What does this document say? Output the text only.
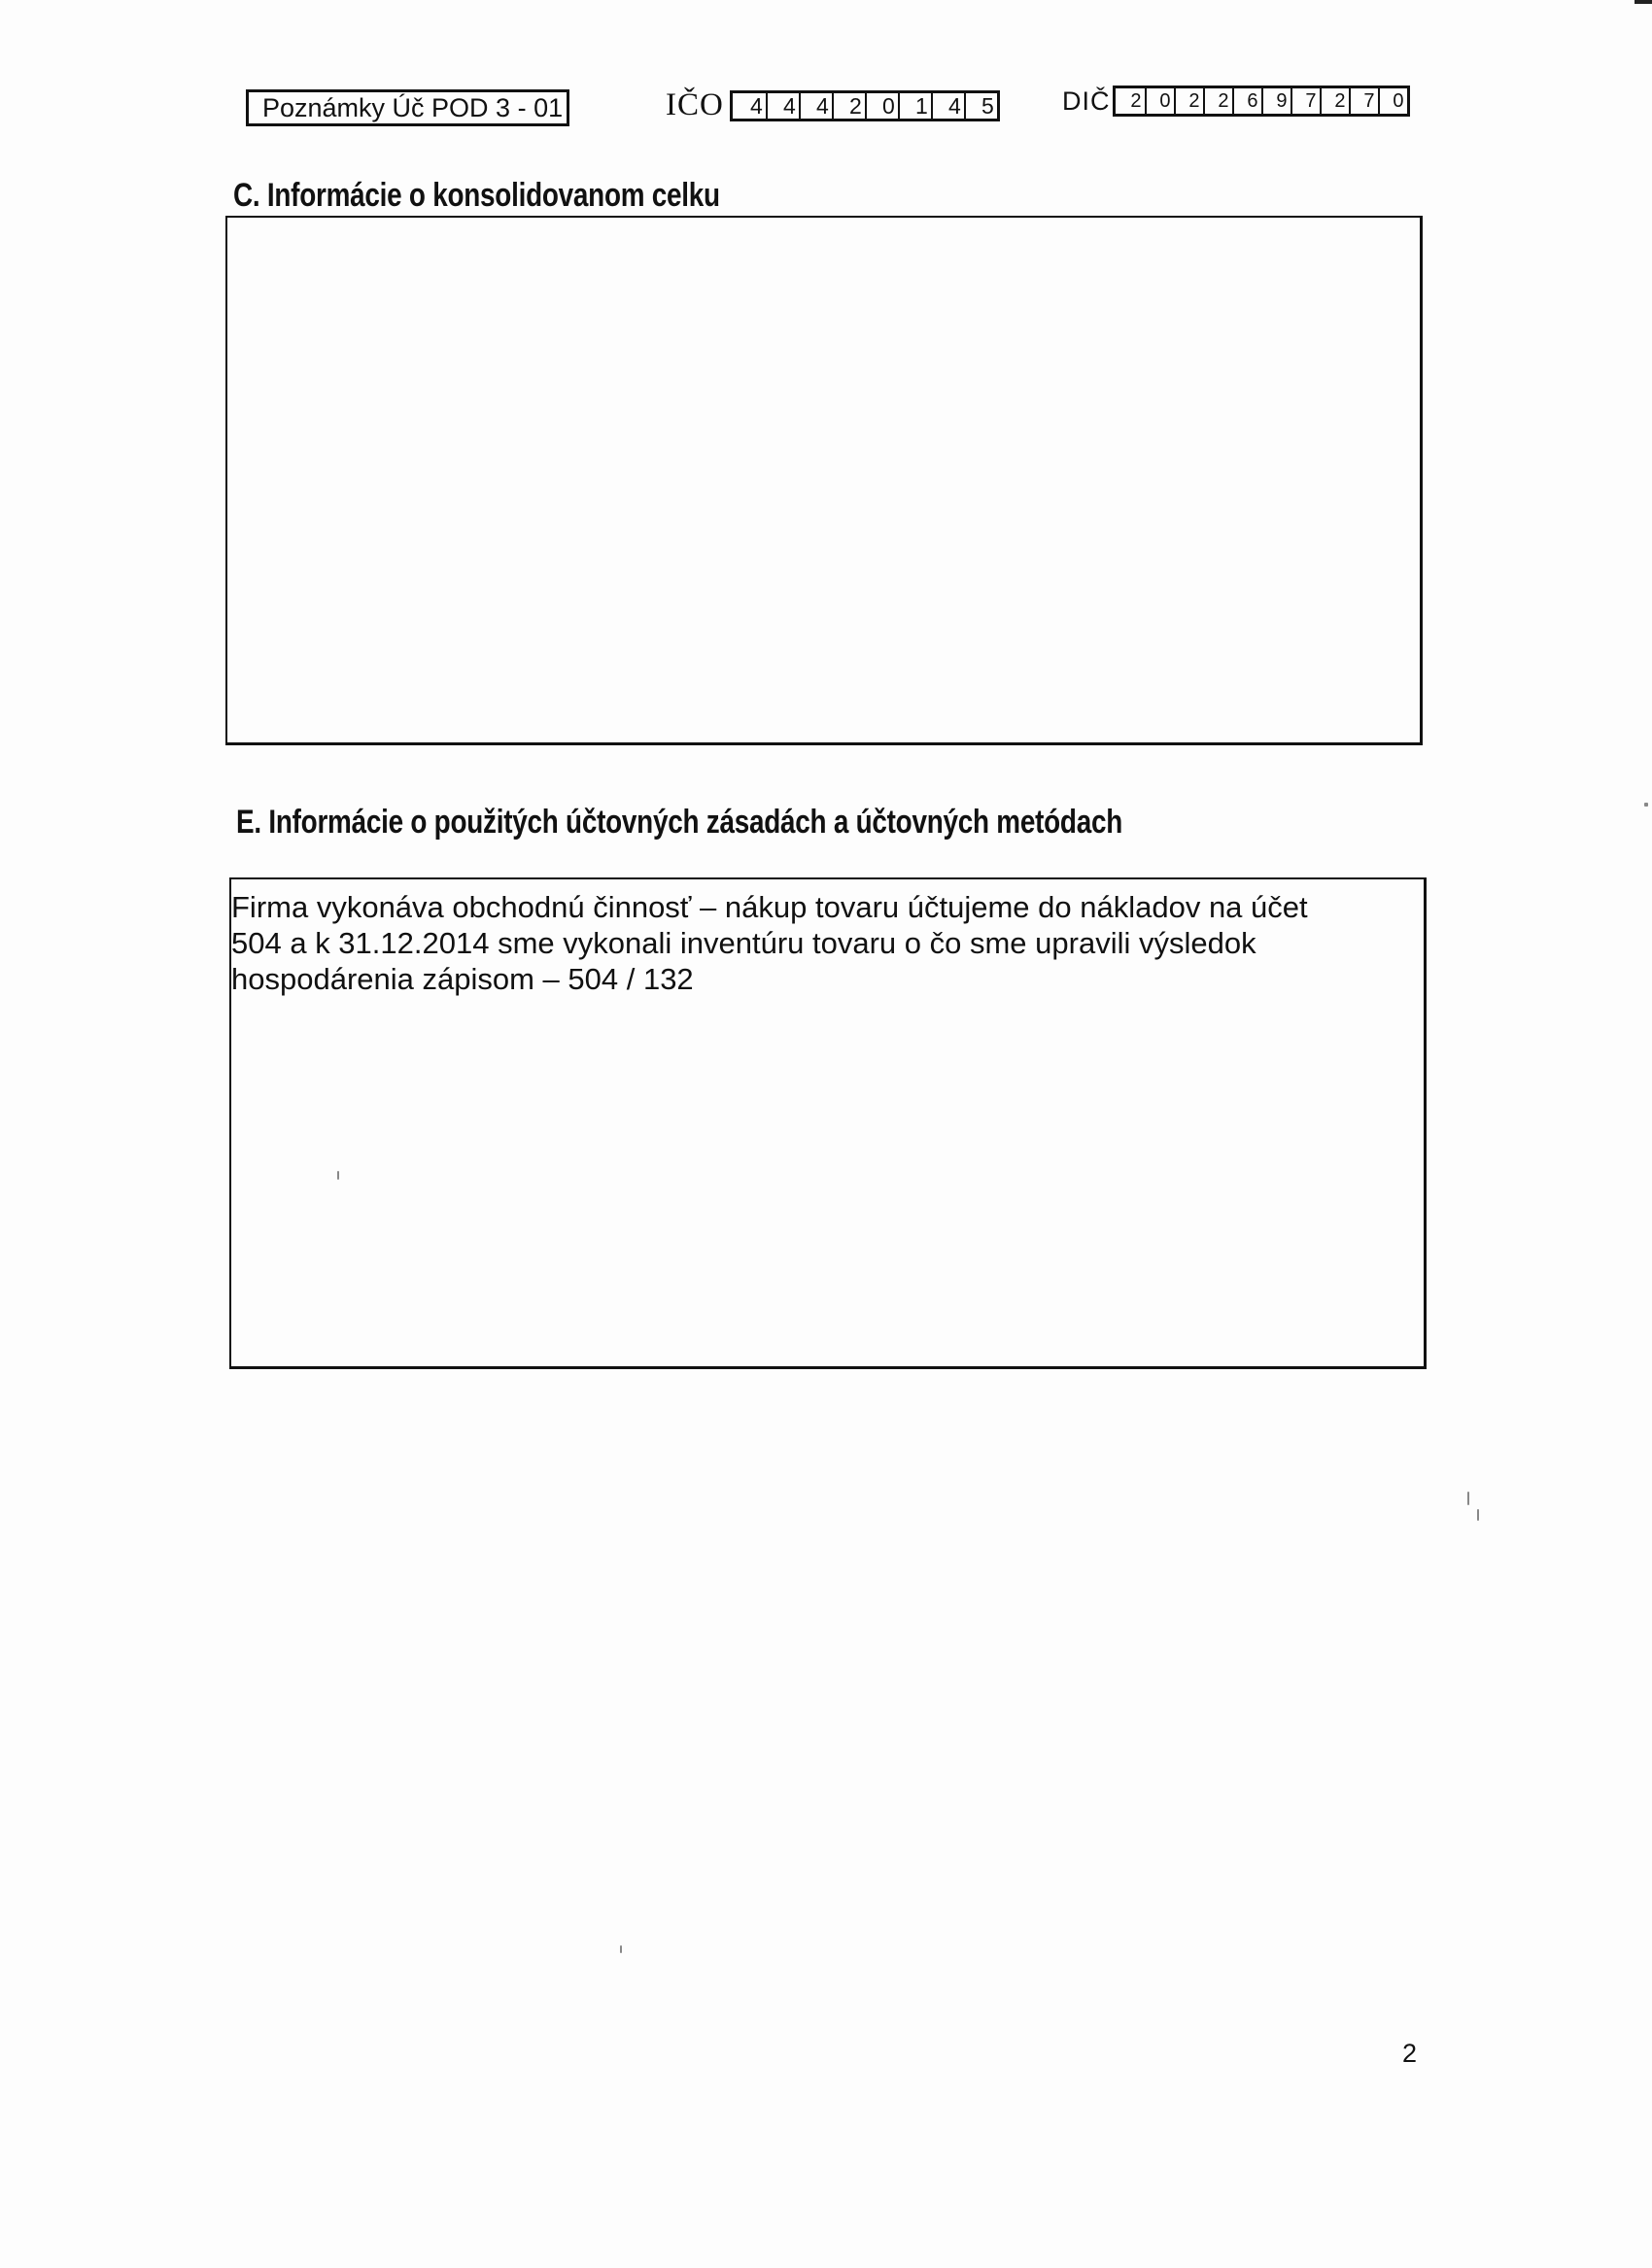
Poznámky Úč POD 3 - 01	IČO	4 4 4 2 0 1 4 5	DIČ	2 0 2 2 6 9 7 2 7 0
C. Informácie o konsolidovanom celku
E. Informácie o použitých účtovných zásadách a účtovných metódach
Firma vykonáva obchodnú činnosť – nákup tovaru účtujeme do nákladov na účet
504 a k 31.12.2014 sme vykonali inventúru tovaru o čo sme upravili výsledok
hospodárenia zápisom – 504 / 132
2
